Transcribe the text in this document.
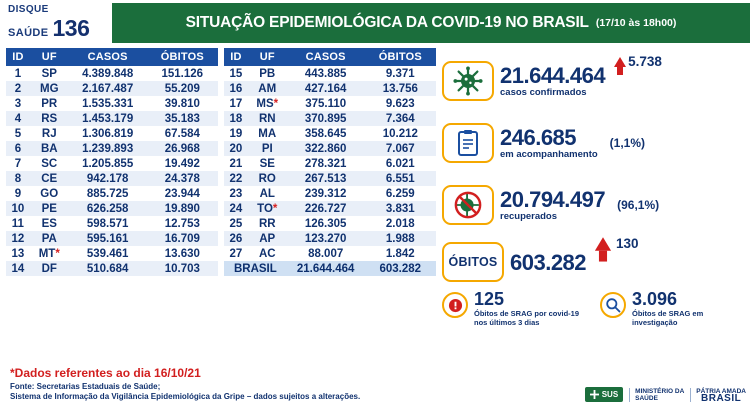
DISQUE
SAÚDE 136	SITUAÇÃO EPIDEMIOLÓGICA DA COVID-19 NO BRASIL (17/10 às 18h00)
ID	UF	CASOS	ÓBITOS
1	SP	4.389.848	151.126
2	MG	2.167.487	55.209
3	PR	1.535.331	39.810
4	RS	1.453.179	35.183
5	RJ	1.306.819	67.584
6	BA	1.239.893	26.968
7	SC	1.205.855	19.492
8	CE	942.178	24.378
9	GO	885.725	23.944
10	PE	626.258	19.890
11	ES	598.571	12.753
12	PA	595.161	16.709
13	MT*	539.461	13.630
14	DF	510.684	10.703
ID	UF	CASOS	ÓBITOS
15	PB	443.885	9.371
16	AM	427.164	13.756
17	MS*	375.110	9.623
18	RN	370.895	7.364
19	MA	358.645	10.212
20	PI	322.860	7.067
21	SE	278.321	6.021
22	RO	267.513	6.551
23	AL	239.312	6.259
24	TO*	226.727	3.831
25	RR	126.305	2.018
26	AP	123.270	1.988
27	AC	88.007	1.842
BRASIL		21.644.464	603.282
21.644.464
casos confirmados
5.738
246.685
em acompanhamento
(1,1%)
20.794.497
recuperados
(96,1%)
ÓBITOS 603.282
130
125
Óbitos de SRAG por covid-19 nos últimos 3 dias
3.096
Óbitos de SRAG em investigação
*Dados referentes ao dia 16/10/21
Fonte: Secretarias Estaduais de Saúde;
Sistema de Informação da Vigilância Epidemiológica da Gripe – dados sujeitos a alterações.	SUS	MINISTÉRIO DA
SAÚDE
PÁTRIA AMADA
BRASIL
